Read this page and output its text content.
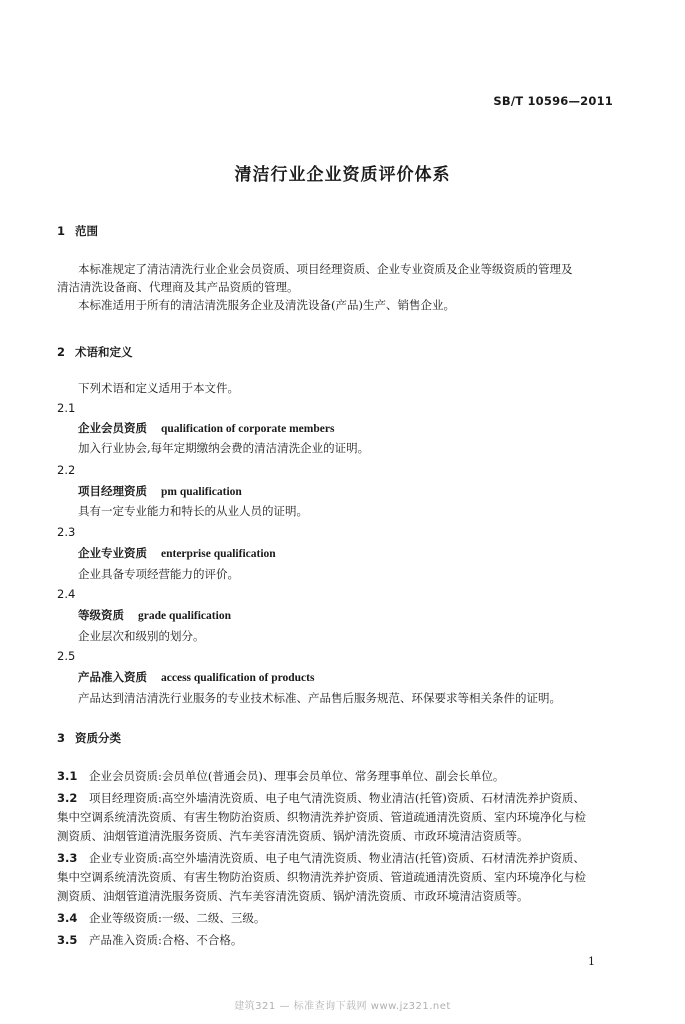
SB/T 10596—2011
清洁行业企业资质评价体系
1 范围
本标准规定了清洁清洗行业企业会员资质、项目经理资质、企业专业资质及企业等级资质的管理及
清洁清洗设备商、代理商及其产品资质的管理。
本标准适用于所有的清洁清洗服务企业及清洗设备(产品)生产、销售企业。
2 术语和定义
下列术语和定义适用于本文件。
2.1
企业会员资质 qualification of corporate members
加入行业协会,每年定期缴纳会费的清洁清洗企业的证明。
2.2
项目经理资质 pm qualification
具有一定专业能力和特长的从业人员的证明。
2.3
企业专业资质 enterprise qualification
企业具备专项经营能力的评价。
2.4
等级资质 grade qualification
企业层次和级别的划分。
2.5
产品准入资质 access qualification of products
产品达到清洁清洗行业服务的专业技术标准、产品售后服务规范、环保要求等相关条件的证明。
3 资质分类
3.1 企业会员资质:会员单位(普通会员)、理事会员单位、常务理事单位、副会长单位。
3.2 项目经理资质:高空外墙清洗资质、电子电气清洗资质、物业清洁(托管)资质、石材清洗养护资质、
集中空调系统清洗资质、有害生物防治资质、织物清洗养护资质、管道疏通清洗资质、室内环境净化与检
测资质、油烟管道清洗服务资质、汽车美容清洗资质、锅炉清洗资质、市政环境清洁资质等。
3.3 企业专业资质:高空外墙清洗资质、电子电气清洗资质、物业清洁(托管)资质、石材清洗养护资质、
集中空调系统清洗资质、有害生物防治资质、织物清洗养护资质、管道疏通清洗资质、室内环境净化与检
测资质、油烟管道清洗服务资质、汽车美容清洗资质、锅炉清洗资质、市政环境清洁资质等。
3.4 企业等级资质:一级、二级、三级。
3.5 产品准入资质:合格、不合格。
1
建筑321 — 标准查询下载网 www.jz321.net
